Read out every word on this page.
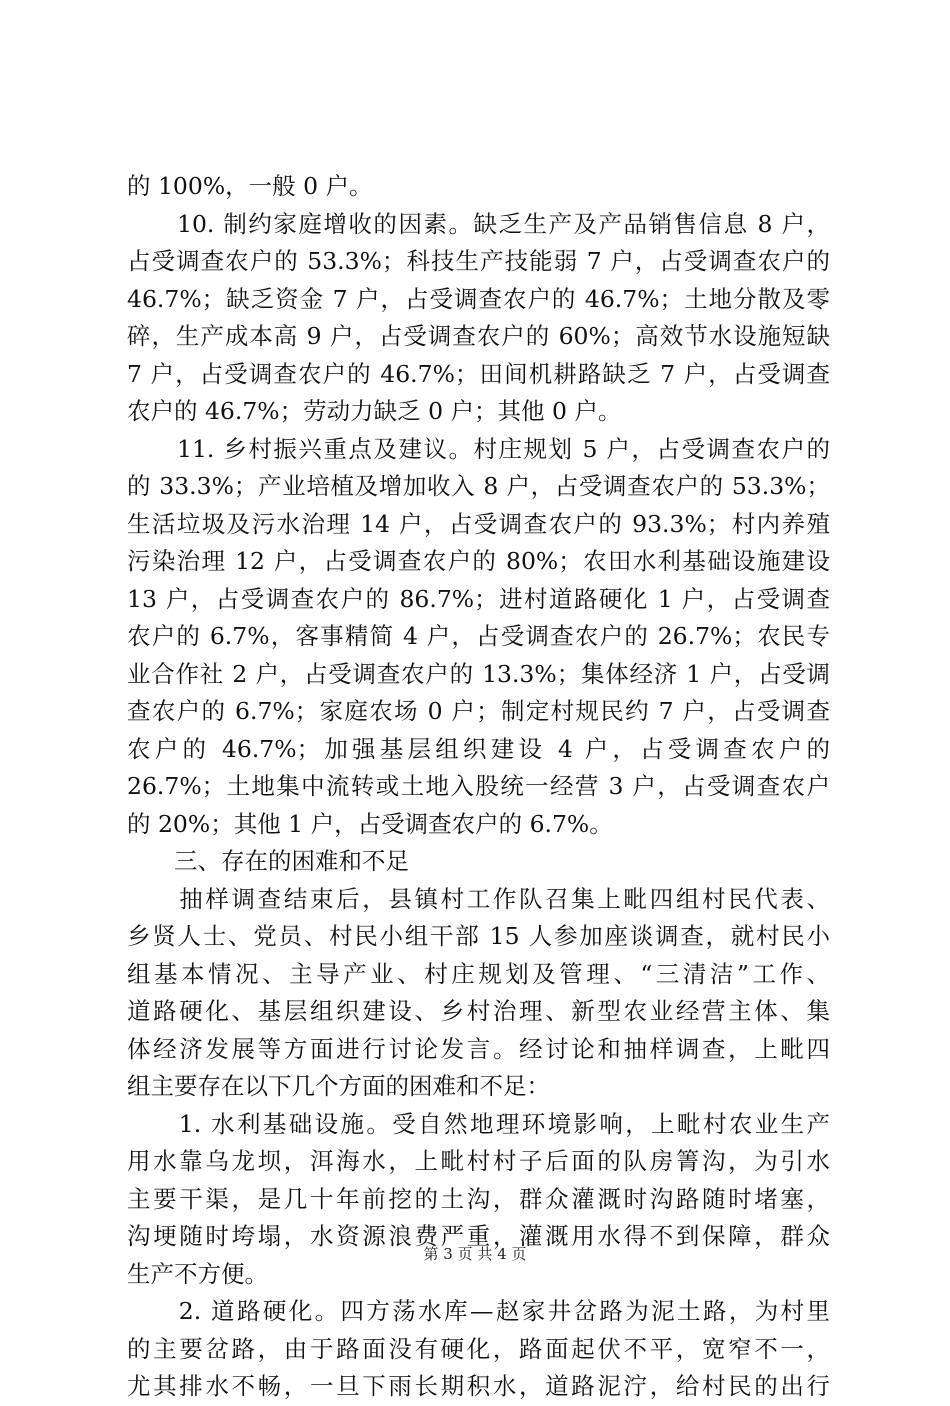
的 100%，一般 0 户。
　　10. 制约家庭增收的因素。缺乏生产及产品销售信息 8 户，
占受调查农户的 53.3%；科技生产技能弱 7 户，占受调查农户的
46.7%；缺乏资金 7 户，占受调查农户的 46.7%；土地分散及零
碎，生产成本高 9 户，占受调查农户的 60%；高效节水设施短缺
7 户，占受调查农户的 46.7%；田间机耕路缺乏 7 户，占受调查
农户的 46.7%；劳动力缺乏 0 户；其他 0 户。
　　11. 乡村振兴重点及建议。村庄规划 5 户，占受调查农户的
的 33.3%；产业培植及增加收入 8 户，占受调查农户的 53.3%；
生活垃圾及污水治理 14 户，占受调查农户的 93.3%；村内养殖
污染治理 12 户，占受调查农户的 80%；农田水利基础设施建设
13 户，占受调查农户的 86.7%；进村道路硬化 1 户，占受调查
农户的 6.7%，客事精简 4 户，占受调查农户的 26.7%；农民专
业合作社 2 户，占受调查农户的 13.3%；集体经济 1 户，占受调
查农户的 6.7%；家庭农场 0 户；制定村规民约 7 户，占受调查
农户的 46.7%；加强基层组织建设 4 户，占受调查农户的
26.7%；土地集中流转或土地入股统一经营 3 户，占受调查农户
的 20%；其他 1 户，占受调查农户的 6.7%。
　　三、存在的困难和不足
　　抽样调查结束后，县镇村工作队召集上毗四组村民代表、
乡贤人士、党员、村民小组干部 15 人参加座谈调查，就村民小
组基本情况、主导产业、村庄规划及管理、“三清洁”工作、
道路硬化、基层组织建设、乡村治理、新型农业经营主体、集
体经济发展等方面进行讨论发言。经讨论和抽样调查，上毗四
组主要存在以下几个方面的困难和不足：
　　1. 水利基础设施。受自然地理环境影响，上毗村农业生产
用水靠乌龙坝，洱海水，上毗村村子后面的队房箐沟，为引水
主要干渠，是几十年前挖的土沟，群众灌溉时沟路随时堵塞，
沟埂随时垮塌，水资源浪费严重，灌溉用水得不到保障，群众
生产不方便。
　　2. 道路硬化。四方荡水库—赵家井岔路为泥土路，为村里
的主要岔路，由于路面没有硬化，路面起伏不平，宽窄不一，
尤其排水不畅，一旦下雨长期积水，道路泥泞，给村民的出行
第 3 页 共 4 页
